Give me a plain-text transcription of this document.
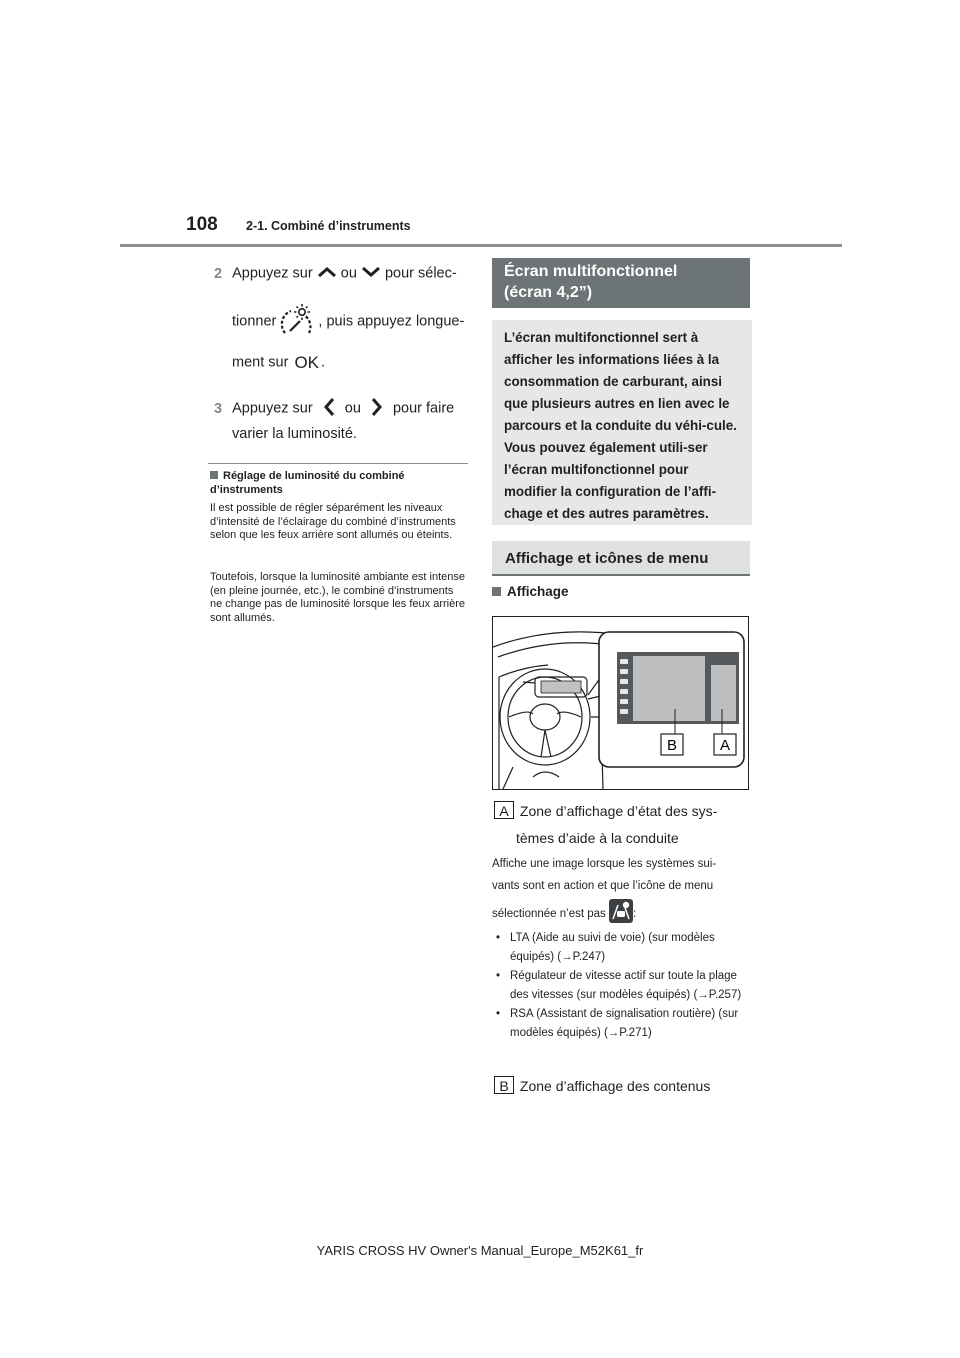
108 2-1. Combiné d’instruments
2 Appuyez sur ou pour sélec-
tionner	, puis appuyez longue-
ment sur OK .
3 Appuyez sur ou pour faire
varier la luminosité.
Réglage de luminosité du combiné d’instruments
Il est possible de régler séparément les niveaux d’intensité de l’éclairage du combiné d’instruments selon que les feux arrière sont allumés ou éteints.
Toutefois, lorsque la luminosité ambiante est intense (en pleine journée, etc.), le combiné d’instruments ne change pas de luminosité lorsque les feux arrière sont allumés.
Écran multifonctionnel
(écran 4,2”)
L’écran multifonctionnel sert à afficher les informations liées à la consommation de carburant, ainsi que plusieurs autres en lien avec le parcours et la conduite du véhi-cule. Vous pouvez également utili-ser l’écran multifonctionnel pour modifier la configuration de l’affi-chage et des autres paramètres.
Affichage et icônes de menu
Affichage
B	A
A Zone d’affichage d’état des sys-
tèmes d’aide à la conduite
Affiche une image lorsque les systèmes sui-
vants sont en action et que l’icône de menu
sélectionnée n’est pas :
• LTA (Aide au suivi de voie) (sur modèles équipés) (→P.247)
• Régulateur de vitesse actif sur toute la plage des vitesses (sur modèles équipés) (→P.257)
• RSA (Assistant de signalisation routière) (sur modèles équipés) (→P.271)
B Zone d’affichage des contenus
YARIS CROSS HV Owner's Manual_Europe_M52K61_fr
